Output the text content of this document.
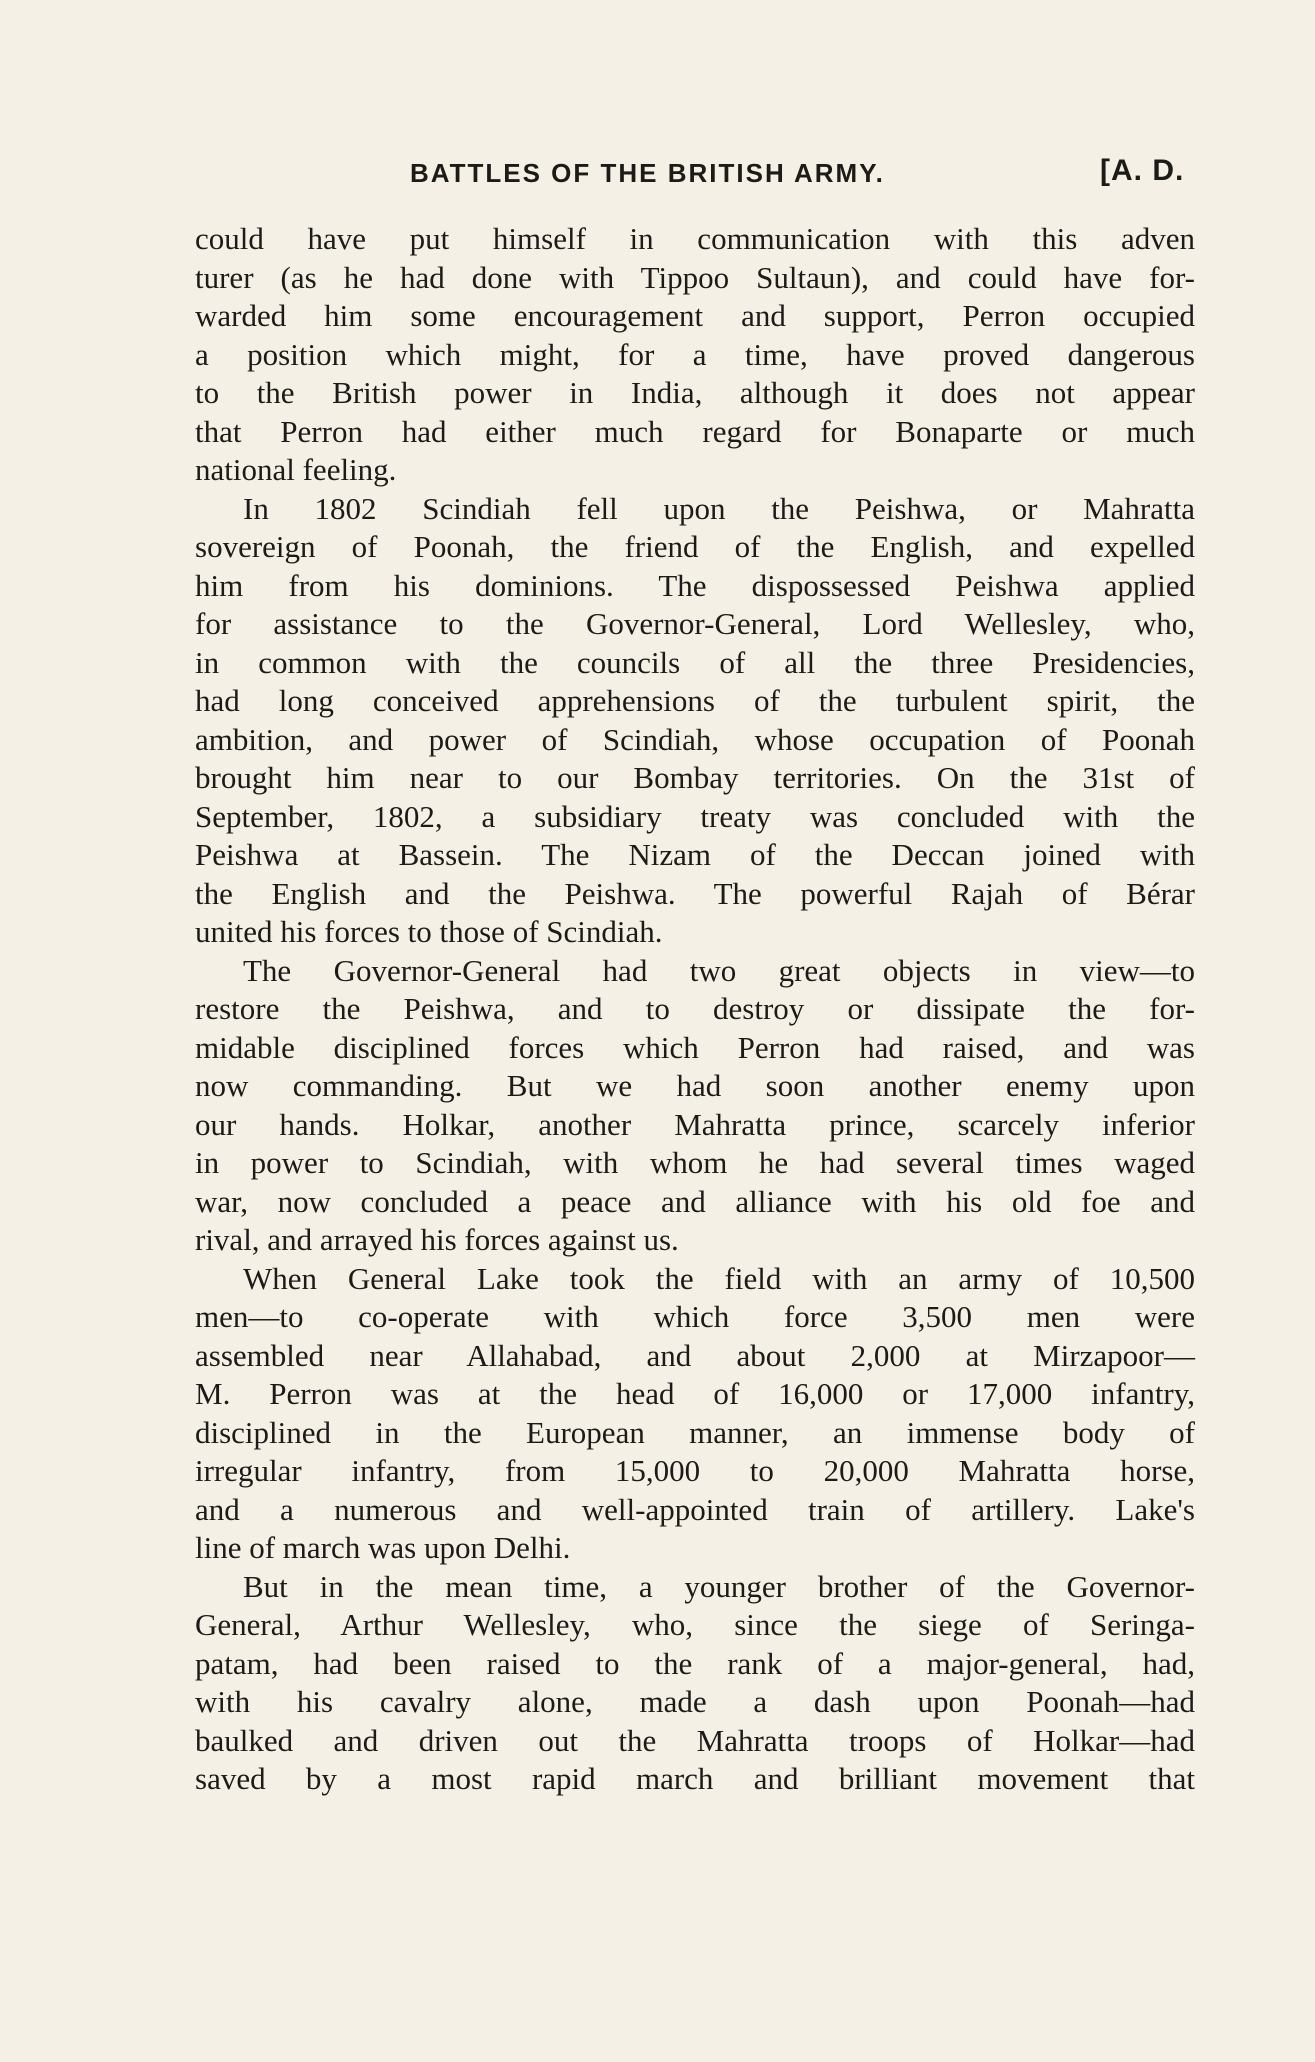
BATTLES OF THE BRITISH ARMY.	[A. D.
could have put himself in communication with this adven
turer (as he had done with Tippoo Sultaun), and could have for-
warded him some encouragement and support, Perron occupied
a position which might, for a time, have proved dangerous
to the British power in India, although it does not appear
that Perron had either much regard for Bonaparte or much
national feeling.
In 1802 Scindiah fell upon the Peishwa, or Mahratta
sovereign of Poonah, the friend of the English, and expelled
him from his dominions. The dispossessed Peishwa applied
for assistance to the Governor-General, Lord Wellesley, who,
in common with the councils of all the three Presidencies,
had long conceived apprehensions of the turbulent spirit, the
ambition, and power of Scindiah, whose occupation of Poonah
brought him near to our Bombay territories. On the 31st of
September, 1802, a subsidiary treaty was concluded with the
Peishwa at Bassein. The Nizam of the Deccan joined with
the English and the Peishwa. The powerful Rajah of Bérar
united his forces to those of Scindiah.
The Governor-General had two great objects in view—to
restore the Peishwa, and to destroy or dissipate the for-
midable disciplined forces which Perron had raised, and was
now commanding. But we had soon another enemy upon
our hands. Holkar, another Mahratta prince, scarcely inferior
in power to Scindiah, with whom he had several times waged
war, now concluded a peace and alliance with his old foe and
rival, and arrayed his forces against us.
When General Lake took the field with an army of 10,500
men—to co-operate with which force 3,500 men were
assembled near Allahabad, and about 2,000 at Mirzapoor—
M. Perron was at the head of 16,000 or 17,000 infantry,
disciplined in the European manner, an immense body of
irregular infantry, from 15,000 to 20,000 Mahratta horse,
and a numerous and well-appointed train of artillery. Lake's
line of march was upon Delhi.
But in the mean time, a younger brother of the Governor-
General, Arthur Wellesley, who, since the siege of Seringa-
patam, had been raised to the rank of a major-general, had,
with his cavalry alone, made a dash upon Poonah—had
baulked and driven out the Mahratta troops of Holkar—had
saved by a most rapid march and brilliant movement that
